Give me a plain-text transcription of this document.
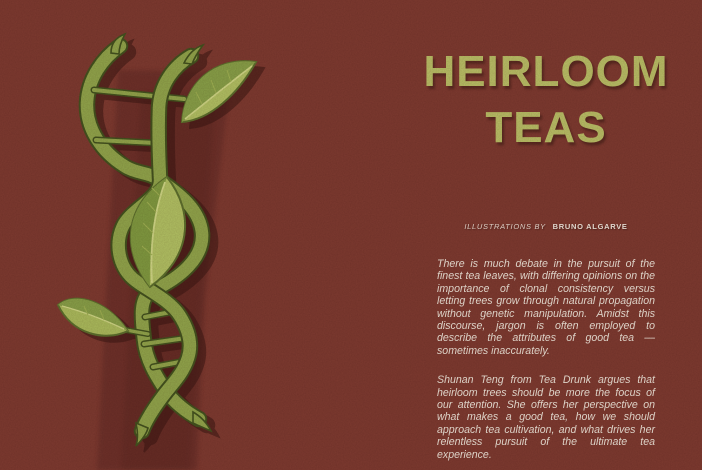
HEIRLOOM
TEAS
ILLUSTRATIONS BY BRUNO ALGARVE

There is much debate in the pursuit of the finest tea leaves, with differing opinions on the importance of clonal consistency versus letting trees grow through natural propagation without genetic manipulation. Amidst this discourse, jargon is often employed to describe the attributes of good tea — sometimes inaccurately.

Shunan Teng from Tea Drunk argues that heirloom trees should be more the focus of our attention. She offers her perspective on what makes a good tea, how we should approach tea cultivation, and what drives her relentless pursuit of the ultimate tea experience.
